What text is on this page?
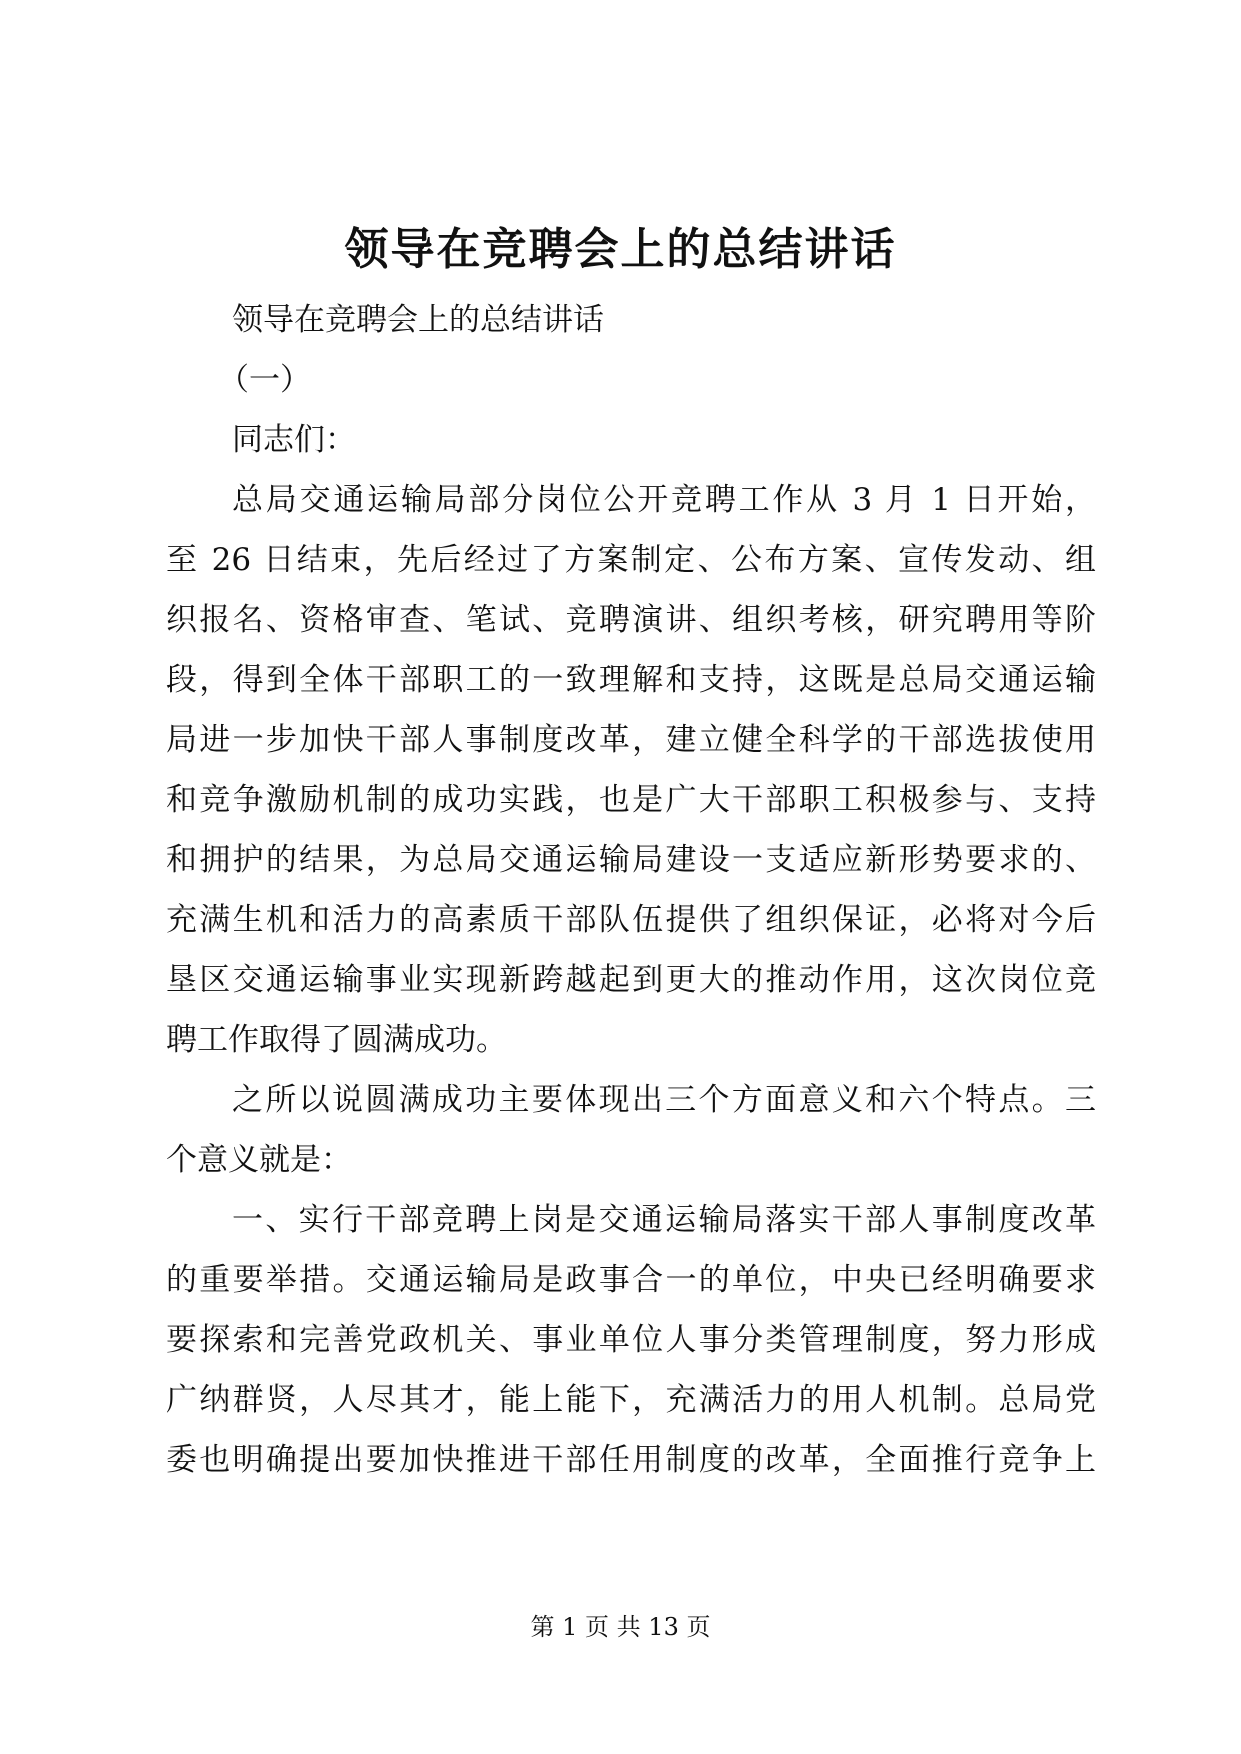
领导在竞聘会上的总结讲话

领导在竞聘会上的总结讲话

（一）

同志们：

总局交通运输局部分岗位公开竞聘工作从 3 月 1 日开始，

至 26 日结束，先后经过了方案制定、公布方案、宣传发动、组

织报名、资格审查、笔试、竞聘演讲、组织考核，研究聘用等阶

段，得到全体干部职工的一致理解和支持，这既是总局交通运输

局进一步加快干部人事制度改革，建立健全科学的干部选拔使用

和竞争激励机制的成功实践，也是广大干部职工积极参与、支持

和拥护的结果，为总局交通运输局建设一支适应新形势要求的、

充满生机和活力的高素质干部队伍提供了组织保证，必将对今后

垦区交通运输事业实现新跨越起到更大的推动作用，这次岗位竞

聘工作取得了圆满成功。

之所以说圆满成功主要体现出三个方面意义和六个特点。三

个意义就是：

一、实行干部竞聘上岗是交通运输局落实干部人事制度改革

的重要举措。交通运输局是政事合一的单位，中央已经明确要求

要探索和完善党政机关、事业单位人事分类管理制度，努力形成

广纳群贤，人尽其才，能上能下，充满活力的用人机制。总局党

委也明确提出要加快推进干部任用制度的改革，全面推行竞争上

第 1 页 共 13 页
